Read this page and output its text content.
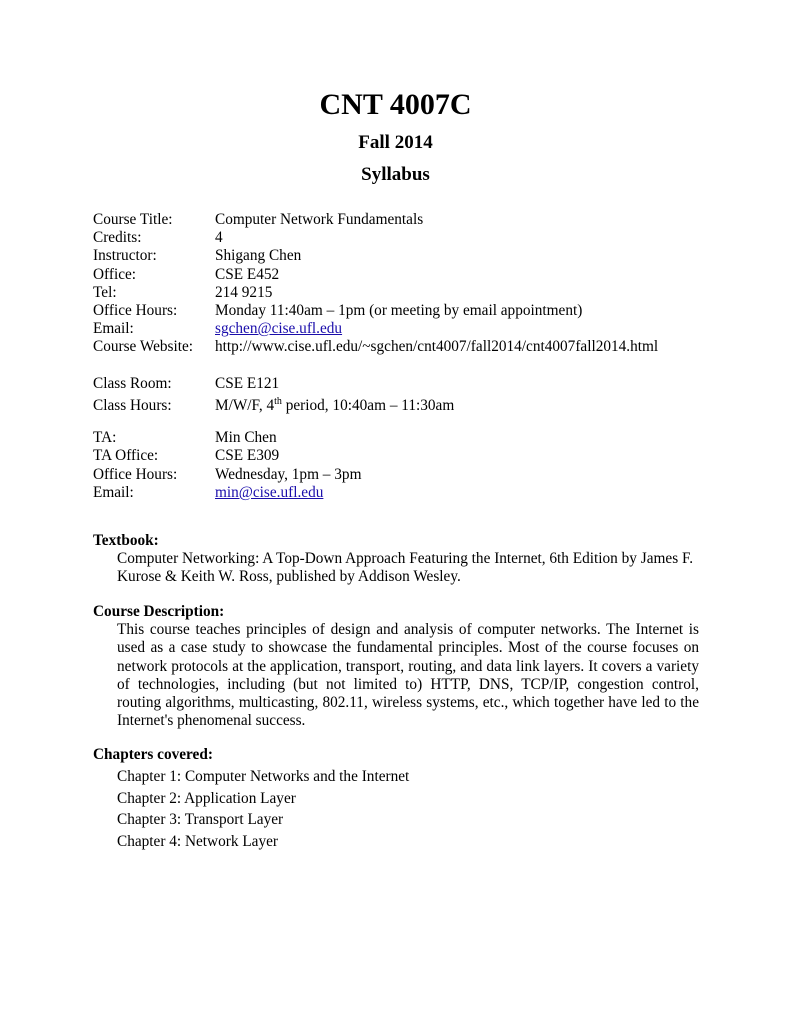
CNT 4007C
Fall 2014
Syllabus
Course Title:	Computer Network Fundamentals
Credits:	4
Instructor:	Shigang Chen
Office:	CSE E452
Tel:	214 9215
Office Hours: Monday 11:40am – 1pm (or meeting by email appointment)
Email:	sgchen@cise.ufl.edu
Course Website: http://www.cise.ufl.edu/~sgchen/cnt4007/fall2014/cnt4007fall2014.html
Class Room:	CSE E121
Class Hours:	M/W/F, 4th period, 10:40am – 11:30am
TA:	Min Chen
TA Office:	CSE E309
Office Hours: Wednesday, 1pm – 3pm
Email:	min@cise.ufl.edu
Textbook:

Computer Networking: A Top-Down Approach Featuring the Internet, 6th Edition by James F. Kurose & Keith W. Ross, published by Addison Wesley.

Course Description:

This course teaches principles of design and analysis of computer networks. The Internet is used as a case study to showcase the fundamental principles. Most of the course focuses on network protocols at the application, transport, routing, and data link layers. It covers a variety of technologies, including (but not limited to) HTTP, DNS, TCP/IP, congestion control, routing algorithms, multicasting, 802.11, wireless systems, etc., which together have led to the Internet's phenomenal success.

Chapters covered:
Chapter 1: Computer Networks and the Internet
Chapter 2: Application Layer
Chapter 3: Transport Layer
Chapter 4: Network Layer
